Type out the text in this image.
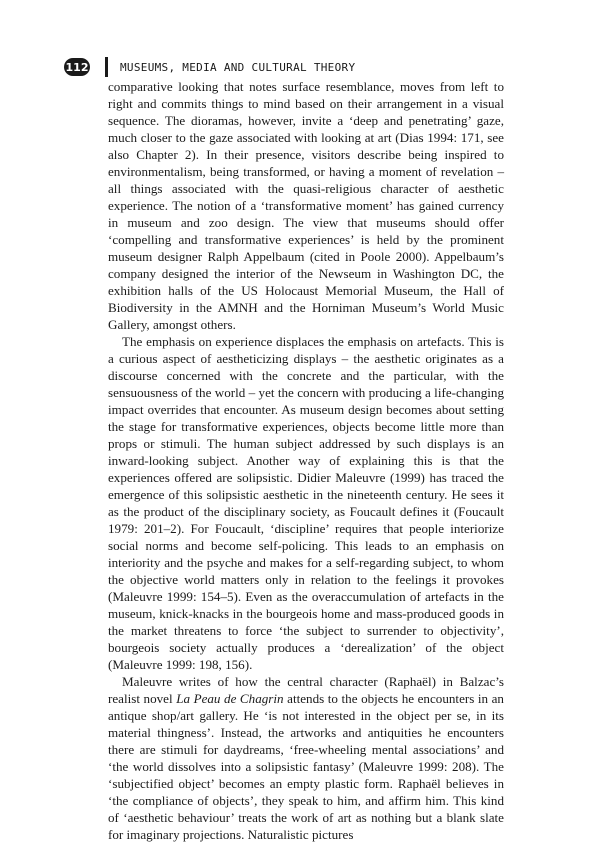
112	MUSEUMS, MEDIA AND CULTURAL THEORY

comparative looking that notes surface resemblance, moves from left to right and commits things to mind based on their arrangement in a visual sequence. The dioramas, however, invite a ‘deep and penetrating’ gaze, much closer to the gaze associated with looking at art (Dias 1994: 171, see also Chapter 2). In their presence, visitors describe being inspired to environmentalism, being transformed, or having a moment of revelation – all things associated with the quasi-religious character of aesthetic experience. The notion of a ‘transformative moment’ has gained currency in museum and zoo design. The view that museums should offer ‘compelling and transformative experiences’ is held by the prominent museum designer Ralph Appelbaum (cited in Poole 2000). Appelbaum’s company designed the interior of the Newseum in Washington DC, the exhibition halls of the US Holocaust Memorial Museum, the Hall of Biodiversity in the AMNH and the Horniman Museum’s World Music Gallery, amongst others.

The emphasis on experience displaces the emphasis on artefacts. This is a curious aspect of aestheticizing displays – the aesthetic originates as a discourse concerned with the concrete and the particular, with the sensuousness of the world – yet the concern with producing a life-changing impact overrides that encounter. As museum design becomes about setting the stage for transformative experiences, objects become little more than props or stimuli. The human subject addressed by such displays is an inward-looking subject. Another way of explaining this is that the experiences offered are solipsistic. Didier Maleuvre (1999) has traced the emergence of this solipsistic aesthetic in the nineteenth century. He sees it as the product of the disciplinary society, as Foucault defines it (Foucault 1979: 201–2). For Foucault, ‘discipline’ requires that people interiorize social norms and become self-policing. This leads to an emphasis on interiority and the psyche and makes for a self-regarding subject, to whom the objective world matters only in relation to the feelings it provokes (Maleuvre 1999: 154–5). Even as the overaccumulation of artefacts in the museum, knick-knacks in the bourgeois home and mass-produced goods in the market threatens to force ‘the subject to surrender to objectivity’, bourgeois society actually produces a ‘derealization’ of the object (Maleuvre 1999: 198, 156).

Maleuvre writes of how the central character (Raphaël) in Balzac’s realist novel La Peau de Chagrin attends to the objects he encounters in an antique shop/art gallery. He ‘is not interested in the object per se, in its material thingness’. Instead, the artworks and antiquities he encounters there are stimuli for daydreams, ‘free-wheeling mental associations’ and ‘the world dissolves into a solipsistic fantasy’ (Maleuvre 1999: 208). The ‘subjectified object’ becomes an empty plastic form. Raphaël believes in ‘the compliance of objects’, they speak to him, and affirm him. This kind of ‘aesthetic behaviour’ treats the work of art as nothing but a blank slate for imaginary projections. Naturalistic pictures
